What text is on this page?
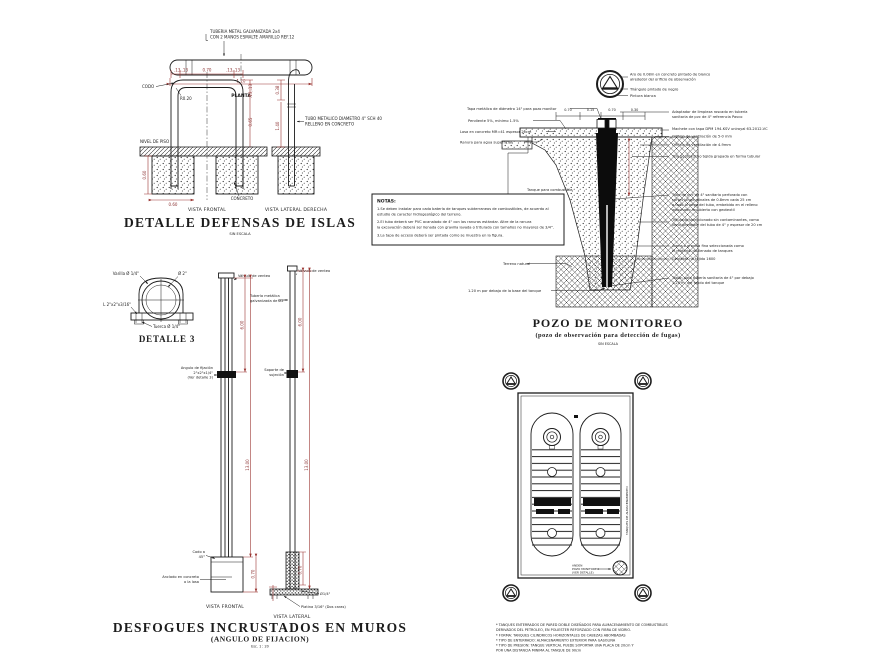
TUBERIA METAL GALVANIZADA 2x4
CON 2 MANOS ESMALTE AMARILLO REF.12
1.20
PLANTA
.13,.13	0.70	.13,.13
CODO
R0.20
.13,.13
0.65
NIVEL DE PISO
0.60
0.60
CONCRETO
VISTA FRONTAL
0.38
1.40
TUBO METALICO DIAMETRO 4" SCH 40
RELLENO EN CONCRETO
VISTA LATERAL DERECHA
DETALLE DEFENSAS DE ISLAS
SIN ESCALA
Varilla Ø 1/4"	Ø 2"
L 2"x2"x3/16"
Tuerca Ø 1/4"
DETALLE 3
Válvula de venteo
Angulo de fijación
2"x2"x1/4"
(Ver detalle 3)
6.00
13.00
0.70
Codo a
45°
Anclado en concreto
o la losa
VISTA FRONTAL
Válvula de venteo
Tubería metálica
galvanizada de Ø2"
Soporte de
sujeción
6.00
13.00
0.70
Ø1/4"
Platina 3/16" (Dos caras)
VISTA LATERAL
DESFOGUES INCRUSTADOS EN MUROS
(ANGULO DE FIJACION)
Esc. 1 : 20
Aro de 0.08m en concreto pintado de blanco
alrededor del orificio de observación
Triángulo pintado de negro
Pintura blanca
0.70	0.15	0.70	0.30
Tapa metálica de diámetro 14" para pozo monitor
Pendiente 5%, mínimo 1.5%
Losa en concreto MR=41 espesor 20cm
Ranura para agua superficial
Tanque para combustible
Terreno natural
1.20 m por debajo de la base del tanque
Adaptador de limpieza roscado en tubería
sanitaria de pvc de 4" referencia Pavco
Machete con tapa DPM 194-KSV uniroyal 63-2012-VC
Orificio de ventilación de 5-0 mm
Orificio de ventilación de 4-9mm
Tela geotextil no tejida grapada en forma tubular
Tubo de pvc de 4" sanitario perforado con
cortes longitudinales de 0.8mm cada 25 cm
a todo lo largo del tubo, embebido en el relleno
apisonado recubierto con geotextil
Triturado seleccionado sin contaminantes, como
lleno alrededor del tubo de 4" y espesor de 20 cm
Arena o gravilla fina seleccionada como
el material de llenado de tanques
Geotextil no tejido 1600
Tapón para tubería sanitaria de 4" por debajo
1.20 m. del fondo del tanque
POZO DE MONITOREO
(pozo de observación para detección de fugas)
SIN ESCALA
NOTAS:
1.Se deben instalar para cada batería de tanques subterraneos de combustibles, de acuerdo al
estudio de caracter hidrogeológico del terreno.
2.El tubo deberá ser PVC acanalado de 4" con las ranuras estándar. Altre de la ranura
la excavación deberá ser llenada con gravilla lavada o triturada con tamaños no mayores de 3/4".
3.La tapa de acceso deberá ser pintada como se muestra en la figura.
TANQUES DE ALMACENAMIENTO
ANDEN
POZO MONITOREO
(VER DETALLE)
* TANQUES ENTERRADOS DE PARED DOBLE DISEÑADOS PARA ALMACENAMIENTO DE COMBUSTIBLES
DERIVADOS DEL PETROLEO, EN POLIESTER REFORZADO CON FIBRA DE VIDRIO.
* FORMA: TANQUES CILINDRICOS HORIZONTALES DE CABEZAS ABOMBADAS
* TIPO DE ENTERRADO: ALMACENAMIENTO EXTERIOR PARA GASOLINA
* TIPO DE PRESION: TANQUE VERTICAL PUEDE SOPORTAR UNA PLACA DE 20cm Y
POR UNA DISTANCIA MINIMA AL TANQUE DE 90cm
